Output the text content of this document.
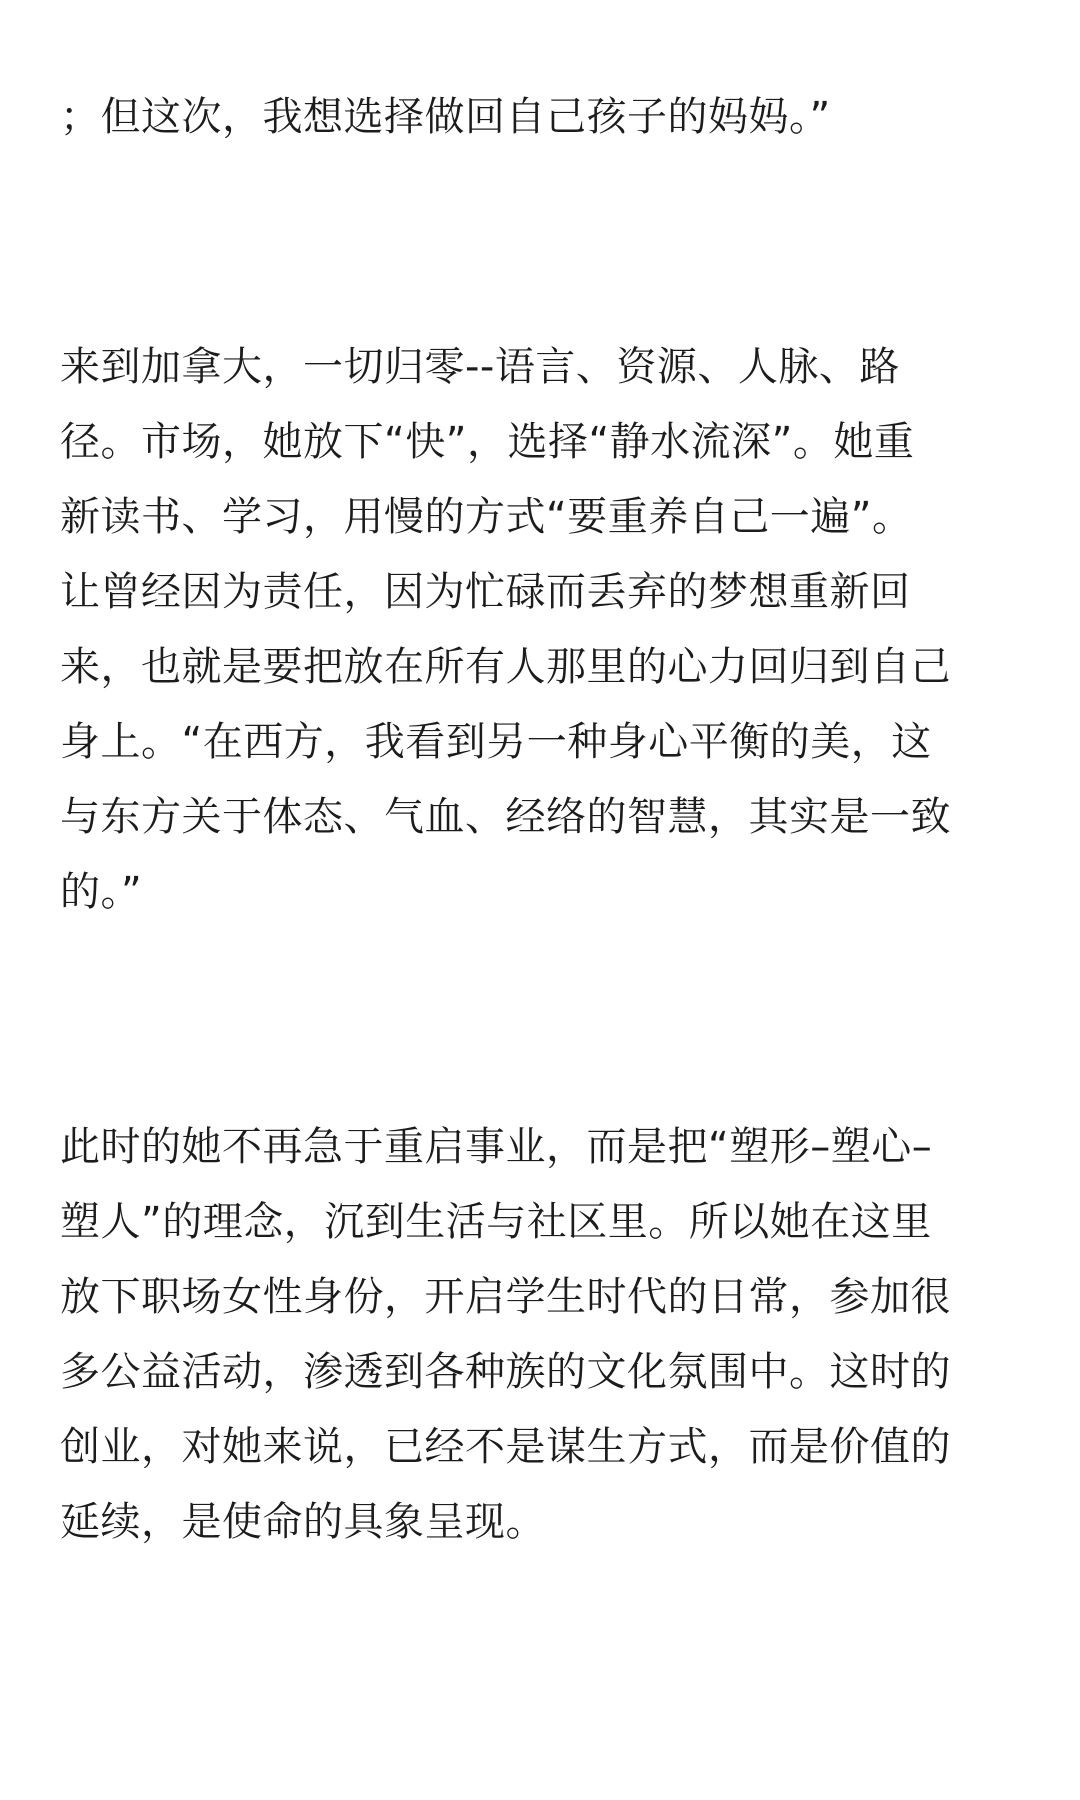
；但这次，我想选择做回自己孩子的妈妈。”

来到加拿大，一切归零--语言、资源、人脉、路
径。市场，她放下“快”，选择“静水流深”。她重
新读书、学习，用慢的方式“要重养自己一遍”。
让曾经因为责任，因为忙碌而丢弃的梦想重新回
来，也就是要把放在所有人那里的心力回归到自己
身上。“在西方，我看到另一种身心平衡的美，这
与东方关于体态、气血、经络的智慧，其实是一致
的。”

此时的她不再急于重启事业，而是把“塑形–塑心–
塑人”的理念，沉到生活与社区里。所以她在这里
放下职场女性身份，开启学生时代的日常，参加很
多公益活动，渗透到各种族的文化氛围中。这时的
创业，对她来说，已经不是谋生方式，而是价值的
延续，是使命的具象呈现。
